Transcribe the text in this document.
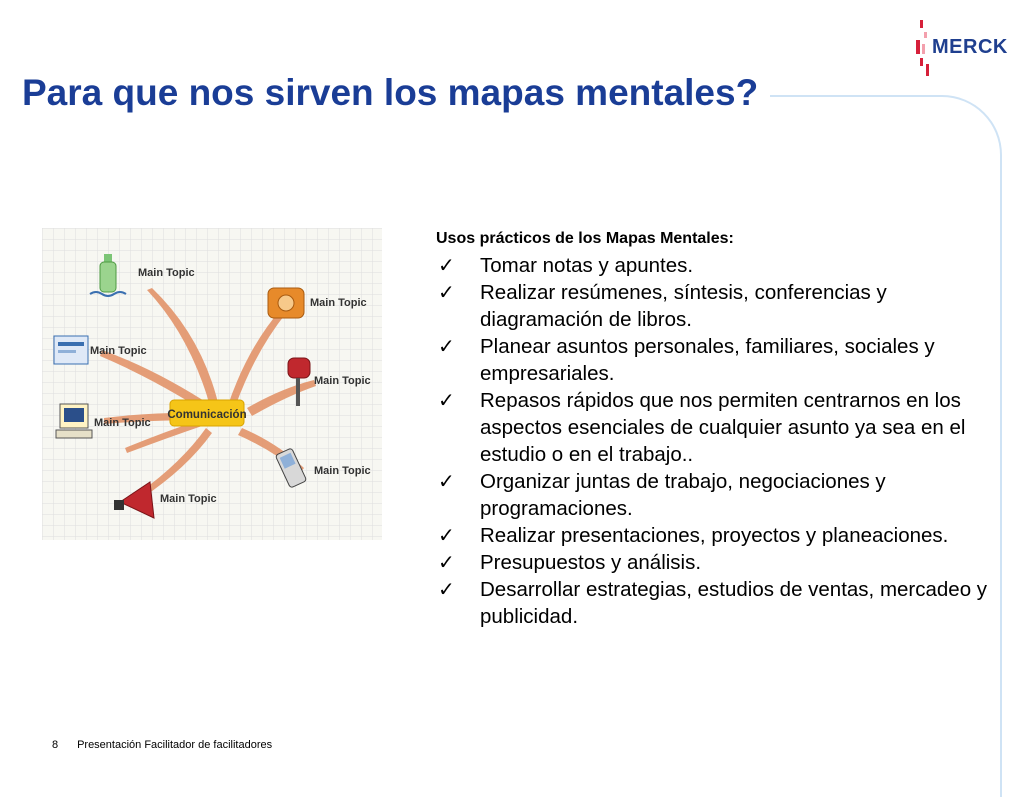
MERCK
Para que nos sirven los mapas mentales?
Comunicación
Main Topic
Main Topic
Main Topic
Main Topic
Main Topic
Main Topic
Main Topic

Usos prácticos de los Mapas Mentales:

✓ Tomar notas y apuntes.
✓ Realizar resúmenes, síntesis, conferencias y diagramación de libros.
✓ Planear asuntos personales, familiares, sociales y empresariales.
✓ Repasos rápidos que nos permiten centrarnos en los aspectos esenciales de cualquier asunto ya sea en el estudio o en el trabajo..
✓ Organizar juntas de trabajo, negociaciones y programaciones.
✓ Realizar presentaciones, proyectos y planeaciones.
✓ Presupuestos y análisis.
✓ Desarrollar estrategias, estudios de ventas, mercadeo y publicidad.
8 Presentación Facilitador de facilitadores
